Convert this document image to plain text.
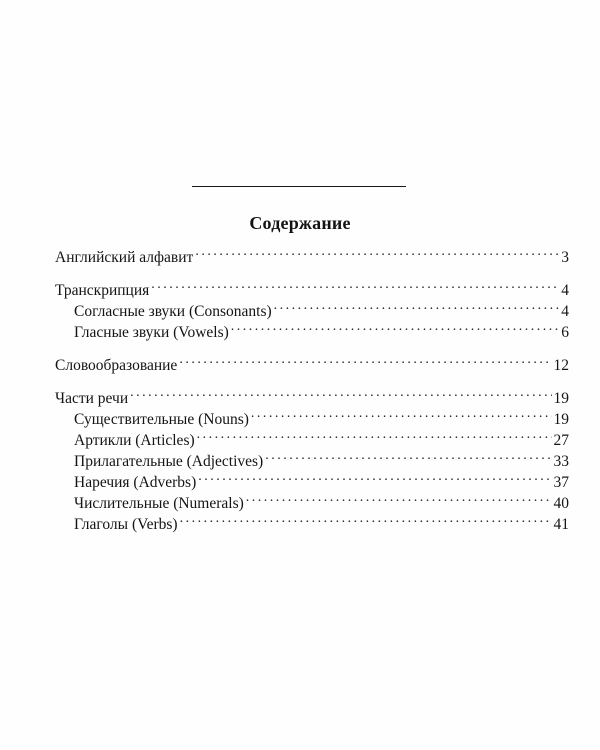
Содержание
Английский алфавит . . .	3
Транскрипция . . .	4
Согласные звуки (Consonants) . . .	4
Гласные звуки (Vowels) . . .	6
Словообразование . . .	12
Части речи . . .	19
Существительные (Nouns) . . .	19
Артикли (Articles) . . .	27
Прилагательные (Adjectives) . . .	33
Наречия (Adverbs) . . .	37
Числительные (Numerals) . . .	40
Глаголы (Verbs) . . .	41
